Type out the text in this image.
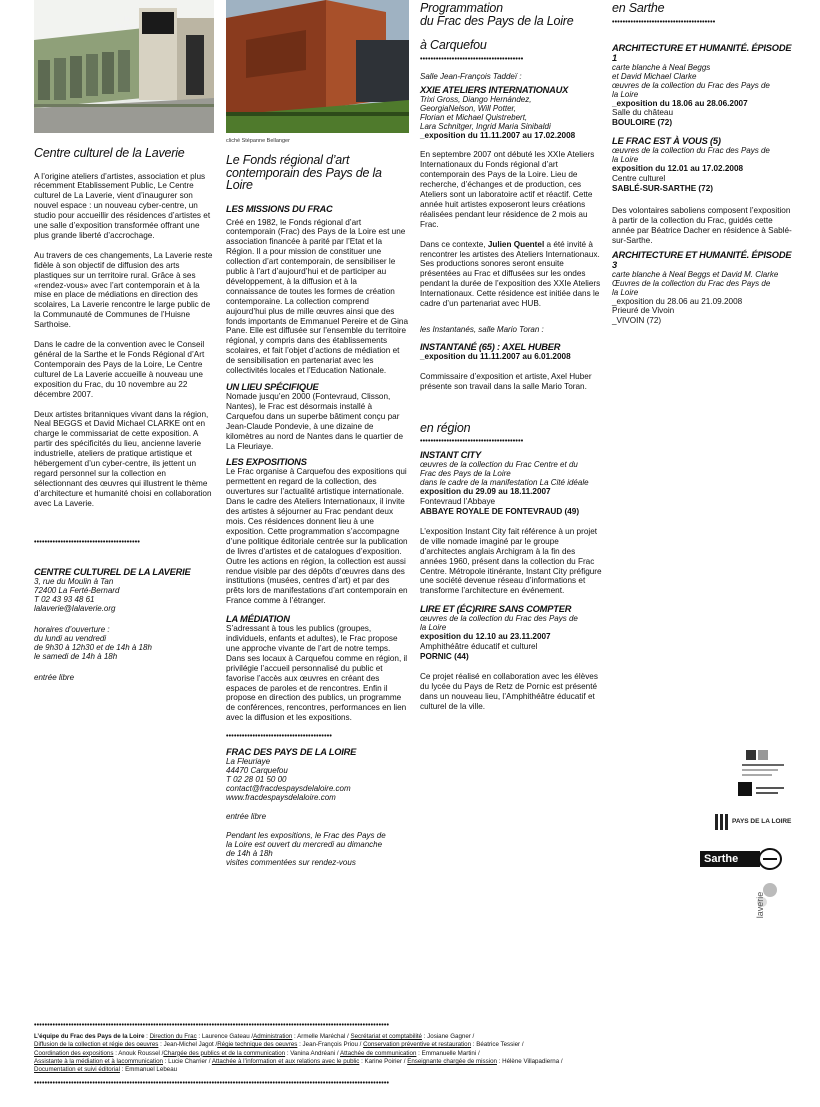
la laverie
Centre culturel de la Laverie
A l’origine ateliers d’artistes, association et plus récemment Etablissement Public, Le Centre culturel de La Laverie, vient d’inaugurer son nouvel espace : un nouveau cyber-centre, un studio pour accueillir des résidences d’artistes et une salle d’exposition transformée offrant une plus grande liberté d’accrochage.
Au travers de ces changements, La Laverie reste fidèle à son objectif de diffusion des arts plastiques sur un territoire rural. Grâce à ses «rendez-vous» avec l’art contemporain et à la mise en place de médiations en direction des scolaires, La Laverie rencontre le large public de la Communauté de Communes de l’Huisne Sarthoise.
Dans le cadre de la convention avec le Conseil général de la Sarthe et le Fonds Régional d’Art Contemporain des Pays de la Loire, Le Centre culturel de La Laverie accueille à nouveau une exposition du Frac, du 10 novembre au 22 décembre 2007.
Deux artistes britanniques vivant dans la région, Neal BEGGS et David Michael CLARKE ont en charge le commissariat de cette exposition. A partir des spécificités du lieu, ancienne laverie industrielle, ateliers de pratique artistique et hébergement d’un cyber-centre, ils jettent un regard personnel sur la collection en sélectionnant des œuvres qui illustrent le thème d’architecture et humanité choisi en collaboration avec La Laverie.
••••••••••••••••••••••••••••••••••••••••
CENTRE CULTUREL DE LA LAVERIE
3, rue du Moulin à Tan
72400 La Ferté-Bernard
T 02 43 93 48 61
lalaverie@lalaverie.org
horaires d’ouverture :
du lundi au vendredi
de 9h30 à 12h30 et de 14h à 18h
le samedi de 14h à 18h
entrée libre
cliché Stépanne Bellanger
Le Fonds régional d’art contemporain des Pays de la Loire
LES MISSIONS DU FRAC
Créé en 1982, le Fonds régional d’art contemporain (Frac) des Pays de la Loire est une association financée à parité par l’Etat et la Région. Il a pour mission de constituer une collection d’art contemporain, de sensibiliser le public à l’art d’aujourd’hui et de participer au développement, à la diffusion et à la connaissance de toutes les formes de création contemporaine. La collection comprend aujourd’hui plus de mille œuvres ainsi que des fonds importants de Emmanuel Pereire et de Gina Pane. Elle est diffusée sur l’ensemble du territoire régional, y compris dans des établissements scolaires, et fait l’objet d’actions de médiation et de sensibilisation en partenariat avec les collectivités locales et l’Education Nationale.
UN LIEU SPÉCIFIQUE
Nomade jusqu’en 2000 (Fontevraud, Clisson, Nantes), le Frac est désormais installé à Carquefou dans un superbe bâtiment conçu par Jean-Claude Pondevie, à une dizaine de kilomètres au nord de Nantes dans le quartier de La Fleuriaye.
LES EXPOSITIONS
Le Frac organise à Carquefou des expositions qui permettent en regard de la collection, des ouvertures sur l’actualité artistique internationale. Dans le cadre des Ateliers Internationaux, il invite des artistes à séjourner au Frac pendant deux mois. Ces résidences donnent lieu à une exposition. Cette programmation s’accompagne d’une politique éditoriale centrée sur la publication de livres d’artistes et de catalogues d’exposition. Outre les actions en région, la collection est aussi rendue visible par des dépôts d’œuvres dans des institutions (musées, centres d’art) et par des prêts lors de manifestations d’art contemporain en France comme à l’étranger.
LA MÉDIATION
S’adressant à tous les publics (groupes, individuels, enfants et adultes), le Frac propose une approche vivante de l’art de notre temps. Dans ses locaux à Carquefou comme en région, il privilégie l’accueil personnalisé du public et favorise l’accès aux œuvres en créant des espaces de paroles et de rencontres. Enfin il propose en direction des publics, un programme de conférences, rencontres, performances en lien avec la diffusion et les expositions.
••••••••••••••••••••••••••••••••••••••••
FRAC DES PAYS DE LA LOIRE
La Fleuriaye
44470 Carquefou
T 02 28 01 50 00
contact@fracdespaysdelaloire.com
www.fracdespaysdelaloire.com
entrée libre
Pendant les expositions, le Frac des Pays de
la Loire est ouvert du mercredi au dimanche
de 14h à 18h
visites commentées sur rendez-vous
Programmation
du Frac des Pays de la Loire
à Carquefou
•••••••••••••••••••••••••••••••••••••••
Salle Jean-François Taddeï :
XXIE ATELIERS INTERNATIONAUX
Trixi Gross, Diango Hernández,
GeorgiaNelson, Will Potter,
Florian et Michael Quistrebert,
Lara Schnitger, Ingrid Maria Sinibaldi
_exposition du 11.11.2007 au 17.02.2008
En septembre 2007 ont débuté les XXIe Ateliers Internationaux du Fonds régional d’art contemporain des Pays de la Loire. Lieu de recherche, d’échanges et de production, ces Ateliers sont un laboratoire actif et réactif. Cette année huit artistes exposeront leurs créations réalisées pendant leur résidence de 2 mois au Frac.
Dans ce contexte, Julien Quentel a été invité à rencontrer les artistes des Ateliers Internationaux. Ses productions sonores seront ensuite présentées au Frac et diffusées sur les ondes pendant la durée de l’exposition des XXIe Ateliers Internationaux. Cette résidence est initiée dans le cadre d’un partenariat avec HUB.
les Instantanés, salle Mario Toran :
INSTANTANÉ (65) : AXEL HUBER
_exposition du 11.11.2007 au 6.01.2008
Commissaire d’exposition et artiste, Axel Huber présente son travail dans la salle Mario Toran.
en région
•••••••••••••••••••••••••••••••••••••••
INSTANT CITY
œuvres de la collection du Frac Centre et du
Frac des Pays de la Loire
dans le cadre de la manifestation La Cité idéale
exposition du 29.09 au 18.11.2007
Fontevraud l’Abbaye
ABBAYE ROYALE DE FONTEVRAUD (49)
L’exposition Instant City fait référence à un projet de ville nomade imaginé par le groupe d’architectes anglais Archigram à la fin des années 1960, présent dans la collection du Frac Centre. Métropole itinérante, Instant City préfigure une société devenue réseau d’informations et transforme l’architecture en événement.
LIRE ET (ÉC)RIRE SANS COMPTER
œuvres de la collection du Frac des Pays de
la Loire
exposition du 12.10 au 23.11.2007
Amphithéâtre éducatif et culturel
PORNIC (44)
Ce projet réalisé en collaboration avec les élèves du lycée du Pays de Retz de Pornic est présenté dans un nouveau lieu, l’Amphithéâtre éducatif et culturel de la ville.
en Sarthe
•••••••••••••••••••••••••••••••••••••••
ARCHITECTURE ET HUMANITÉ. ÉPISODE 1
carte blanche à Neal Beggs
et David Michael Clarke
œuvres de la collection du Frac des Pays de
la Loire
_exposition du 18.06 au 28.06.2007
Salle du château
BOULOIRE (72)
LE FRAC EST À VOUS (5)
œuvres de la collection du Frac des Pays de
la Loire
exposition du 12.01 au 17.02.2008
Centre culturel
SABLÉ-SUR-SARTHE (72)
Des volontaires saboliens composent l’exposition à partir de la collection du Frac, guidés cette année par Béatrice Dacher en résidence à Sablé-sur-Sarthe.
ARCHITECTURE ET HUMANITÉ. ÉPISODE 3
carte blanche à Neal Beggs et David M. Clarke
Œuvres de la collection du Frac des Pays de
la Loire
_exposition du 28.06 au 21.09.2008
Prieuré de Vivoin
_VIVOIN (72)
PAYS DE LA LOIRE
Sarthe
laverie
••••••••••••••••••••••••••••••••••••••••••••••••••••••••••••••••••••••••••••••••••••••••••••••••••••••••••••••••••••••••••••••••••••••
L’équipe du Frac des Pays de la Loire : Direction du Frac : Laurence Gateau /Administration : Armelle Maréchal / Secrétariat et comptabilité : Josiane Gagner /
Diffusion de la collection et régie des oeuvres : Jean-Michel Jagot /Régie technique des oeuvres : Jean-François Priou / Conservation préventive et restauration : Béatrice Tessier /
Coordination des expositions : Anouk Roussel /Chargée des publics et de la communication : Vanina Andréani / Attachée de communication : Emmanuelle Martini /
Assistante à la médiation et à lacommunication : Lucie Charrier / Attachée à l’information et aux relations avec le public : Karine Poirier / Enseignante chargée de mission : Hélène Villapadierna /
Documentation et suivi éditorial : Emmanuel Lebeau
••••••••••••••••••••••••••••••••••••••••••••••••••••••••••••••••••••••••••••••••••••••••••••••••••••••••••••••••••••••••••••••••••••••
